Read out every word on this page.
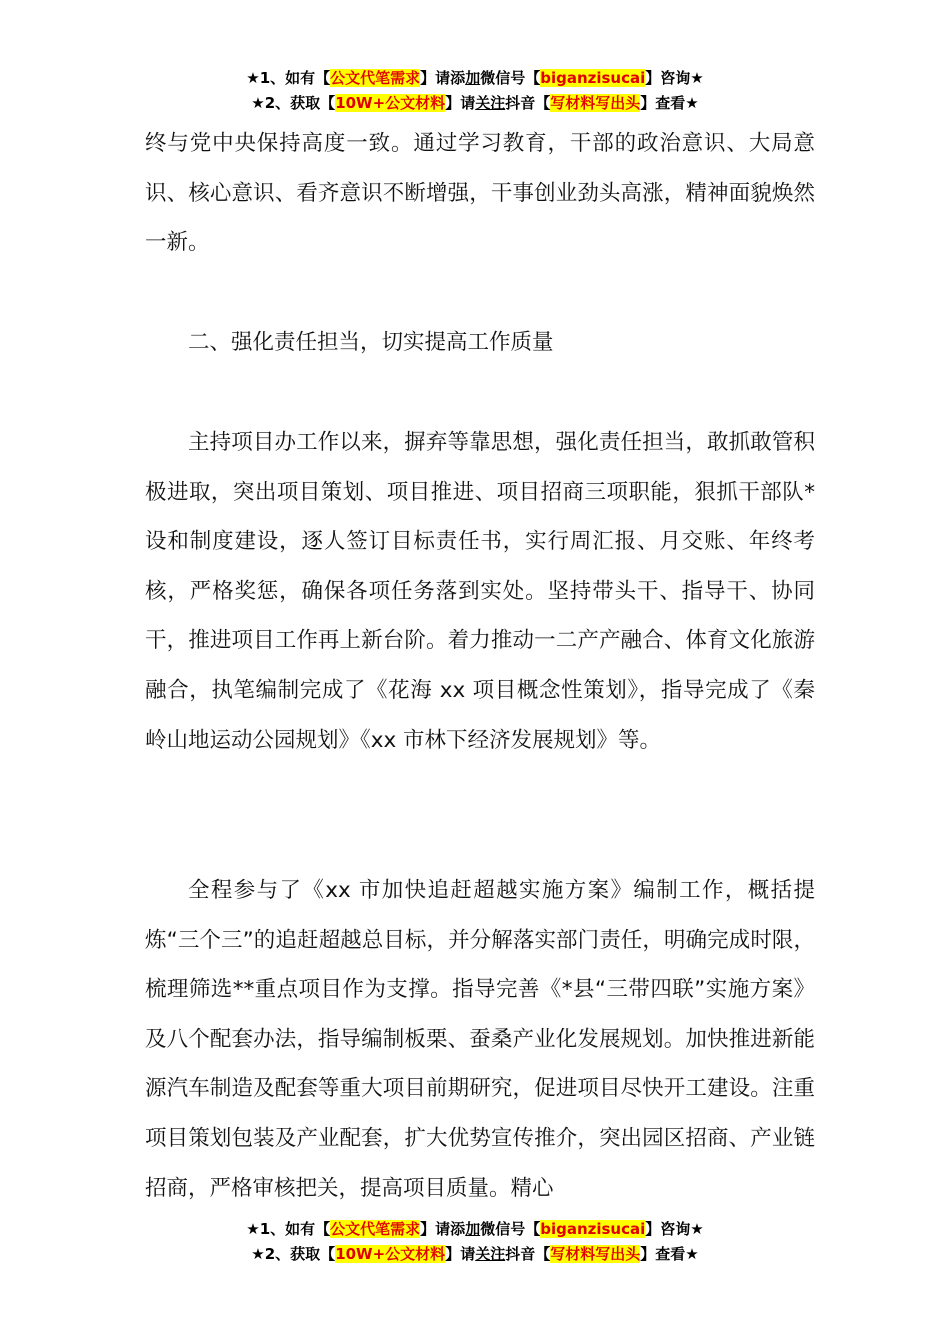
★1、如有【公文代笔需求】请添加微信号【biganzisucai】咨询★
★2、获取【10W+公文材料】请关注抖音【写材料写出头】查看★

终与党中央保持高度一致。通过学习教育，干部的政治意识、大局意识、核心意识、看齐意识不断增强，干事创业劲头高涨，精神面貌焕然一新。

二、强化责任担当，切实提高工作质量

主持项目办工作以来，摒弃等靠思想，强化责任担当，敢抓敢管积极进取，突出项目策划、项目推进、项目招商三项职能，狠抓干部队*设和制度建设，逐人签订目标责任书，实行周汇报、月交账、年终考核，严格奖惩，确保各项任务落到实处。坚持带头干、指导干、协同干，推进项目工作再上新台阶。着力推动一二产产融合、体育文化旅游融合，执笔编制完成了《花海 xx 项目概念性策划》，指导完成了《秦岭山地运动公园规划》《xx 市林下经济发展规划》等。

全程参与了《xx 市加快追赶超越实施方案》编制工作，概括提炼“三个三”的追赶超越总目标，并分解落实部门责任，明确完成时限，梳理筛选**重点项目作为支撑。指导完善《*县“三带四联”实施方案》及八个配套办法，指导编制板栗、蚕桑产业化发展规划。加快推进新能源汽车制造及配套等重大项目前期研究，促进项目尽快开工建设。注重项目策划包装及产业配套，扩大优势宣传推介，突出园区招商、产业链招商，严格审核把关，提高项目质量。精心

★1、如有【公文代笔需求】请添加微信号【biganzisucai】咨询★
★2、获取【10W+公文材料】请关注抖音【写材料写出头】查看★
